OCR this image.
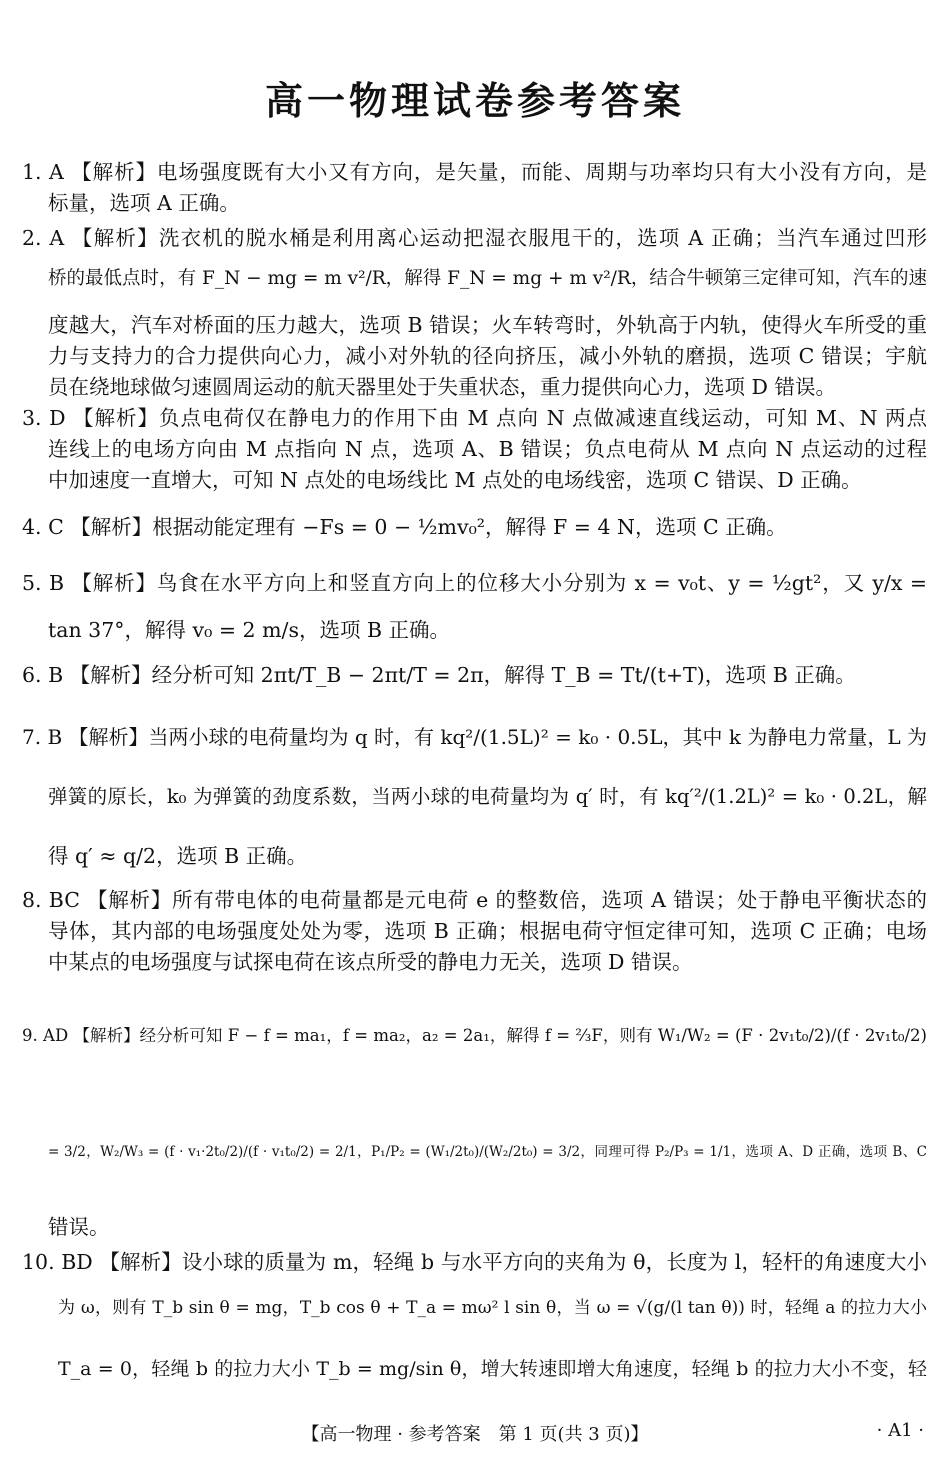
高一物理试卷参考答案
1. A 【解析】电场强度既有大小又有方向，是矢量，而能、周期与功率均只有大小没有方向，是
标量，选项 A 正确。
2. A 【解析】洗衣机的脱水桶是利用离心运动把湿衣服甩干的，选项 A 正确；当汽车通过凹形
桥的最低点时，有 F_N − mg = m v²/R，解得 F_N = mg + m v²/R，结合牛顿第三定律可知，汽车的速
度越大，汽车对桥面的压力越大，选项 B 错误；火车转弯时，外轨高于内轨，使得火车所受的重
力与支持力的合力提供向心力，减小对外轨的径向挤压，减小外轨的磨损，选项 C 错误；宇航
员在绕地球做匀速圆周运动的航天器里处于失重状态，重力提供向心力，选项 D 错误。
3. D 【解析】负点电荷仅在静电力的作用下由 M 点向 N 点做减速直线运动，可知 M、N 两点
连线上的电场方向由 M 点指向 N 点，选项 A、B 错误；负点电荷从 M 点向 N 点运动的过程
中加速度一直增大，可知 N 点处的电场线比 M 点处的电场线密，选项 C 错误、D 正确。
4. C 【解析】根据动能定理有 −Fs = 0 − ½mv₀²，解得 F = 4 N，选项 C 正确。
5. B 【解析】鸟食在水平方向上和竖直方向上的位移大小分别为 x = v₀t、y = ½gt²，又 y/x =
tan 37°，解得 v₀ = 2 m/s，选项 B 正确。
6. B 【解析】经分析可知 2πt/T_B − 2πt/T = 2π，解得 T_B = Tt/(t+T)，选项 B 正确。
7. B 【解析】当两小球的电荷量均为 q 时，有 kq²/(1.5L)² = k₀ · 0.5L，其中 k 为静电力常量，L 为
弹簧的原长，k₀ 为弹簧的劲度系数，当两小球的电荷量均为 q′ 时，有 kq′²/(1.2L)² = k₀ · 0.2L，解
得 q′ ≈ q/2，选项 B 正确。
8. BC 【解析】所有带电体的电荷量都是元电荷 e 的整数倍，选项 A 错误；处于静电平衡状态的
导体，其内部的电场强度处处为零，选项 B 正确；根据电荷守恒定律可知，选项 C 正确；电场
中某点的电场强度与试探电荷在该点所受的静电力无关，选项 D 错误。
9. AD 【解析】经分析可知 F − f = ma₁，f = ma₂，a₂ = 2a₁，解得 f = ⅔F，则有 W₁/W₂ = (F · 2v₁t₀/2)/(f · 2v₁t₀/2)
= 3/2，W₂/W₃ = (f · v₁·2t₀/2)/(f · v₁t₀/2) = 2/1，P₁/P₂ = (W₁/2t₀)/(W₂/2t₀) = 3/2，同理可得 P₂/P₃ = 1/1，选项 A、D 正确，选项 B、C
错误。
10. BD 【解析】设小球的质量为 m，轻绳 b 与水平方向的夹角为 θ，长度为 l，轻杆的角速度大小
为 ω，则有 T_b sin θ = mg，T_b cos θ + T_a = mω² l sin θ，当 ω = √(g/(l tan θ)) 时，轻绳 a 的拉力大小
T_a = 0，轻绳 b 的拉力大小 T_b = mg/sin θ，增大转速即增大角速度，轻绳 b 的拉力大小不变，轻
【高一物理 · 参考答案　第 1 页(共 3 页)】	· A1 ·
